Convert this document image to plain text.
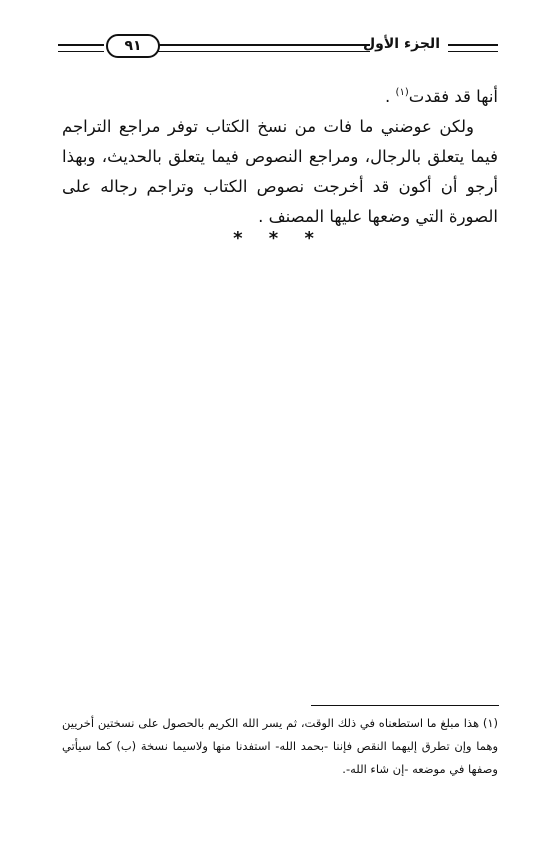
الجزء الأول
٩١

أنها قد فقدت$^{(١)}$ .

ولكن عوضني ما فات من نسخ الكتاب توفر مراجع التراجم فيما يتعلق بالرجال، ومراجع النصوص فيما يتعلق بالحديث، وبهذا أرجو أن أكون قد أخرجت نصوص الكتاب وتراجم رجاله على الصورة التي وضعها عليها المصنف .

* * *

(١) هذا مبلغ ما استطعناه في ذلك الوقت، ثم يسر الله الكريم بالحصول على نسختين أخريين وهما وإن تطرق إليهما النقص فإننا -بحمد الله- استفدنا منها ولاسيما نسخة (ب) كما سيأتي وصفها في موضعه -إن شاء الله-.
